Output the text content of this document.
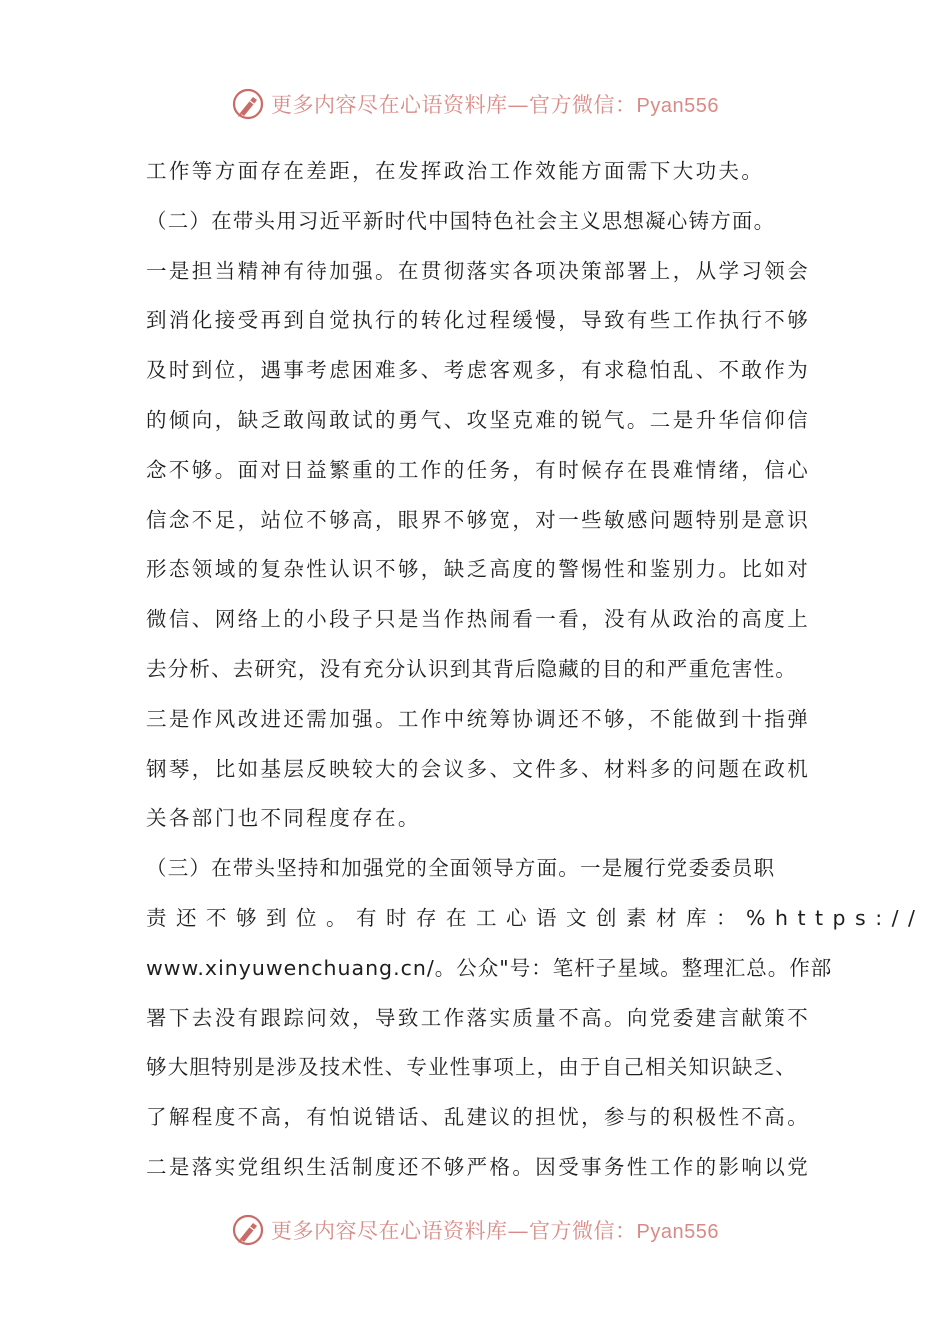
更多内容尽在心语资料库—官方微信：Pyan556
工作等方面存在差距，在发挥政治工作效能方面需下大功夫。
（二）在带头用习近平新时代中国特色社会主义思想凝心铸方面。
一是担当精神有待加强。在贯彻落实各项决策部署上，从学习领会
到消化接受再到自觉执行的转化过程缓慢，导致有些工作执行不够
及时到位，遇事考虑困难多、考虑客观多，有求稳怕乱、不敢作为
的倾向，缺乏敢闯敢试的勇气、攻坚克难的锐气。二是升华信仰信
念不够。面对日益繁重的工作的任务，有时候存在畏难情绪，信心
信念不足，站位不够高，眼界不够宽，对一些敏感问题特别是意识
形态领域的复杂性认识不够，缺乏高度的警惕性和鉴别力。比如对
微信、网络上的小段子只是当作热闹看一看，没有从政治的高度上
去分析、去研究，没有充分认识到其背后隐藏的目的和严重危害性。
三是作风改进还需加强。工作中统筹协调还不够，不能做到十指弹
钢琴，比如基层反映较大的会议多、文件多、材料多的问题在政机
关各部门也不同程度存在。
（三）在带头坚持和加强党的全面领导方面。一是履行党委委员职
责还不够到位。有时存在工心语文创素材库：%https://
www.xinyuwenchuang.cn/。公众"号：笔杆子星域。整理汇总。作部
署下去没有跟踪问效，导致工作落实质量不高。向党委建言献策不
够大胆特别是涉及技术性、专业性事项上，由于自己相关知识缺乏、
了解程度不高，有怕说错话、乱建议的担忧，参与的积极性不高。
二是落实党组织生活制度还不够严格。因受事务性工作的影响以党
更多内容尽在心语资料库—官方微信：Pyan556
